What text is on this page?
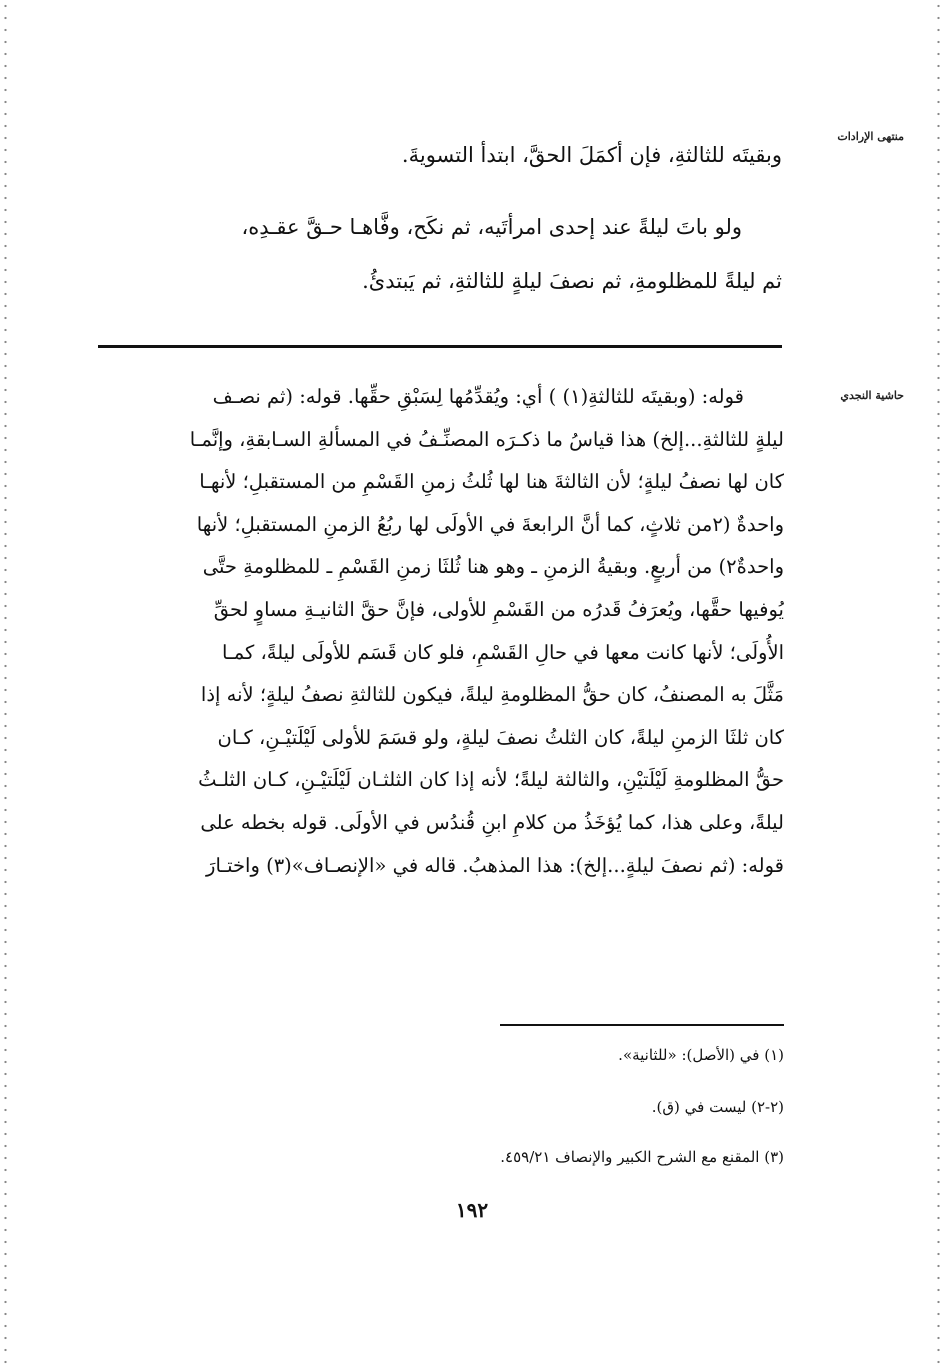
منتهى الإرادات
حاشية النجدي

وبقيتَه للثالثةِ، فإن أكمَلَ الحقَّ، ابتدأ التسويةَ.

ولو باتَ ليلةً عند إحدى امرأتَيه، ثم نكَح، وفَّاهـا حـقَّ عقـدِه،

ثم ليلةً للمظلومةِ، ثم نصفَ ليلةٍ للثالثةِ، ثم يَبتدئُ.

قوله: (وبقيتَه للثالثةِ(١) ) أي: ويُقدِّمُها لِسَبْقِ حقِّها. قوله: (ثم نصـف
ليلةٍ للثالثةِ...إلخ) هذا قياسُ ما ذكـرَه المصنِّـفُ في المسألةِ السـابقةِ، وإنَّمـا
كان لها نصفُ ليلةٍ؛ لأن الثالثةَ هنا لها ثُلثُ زمنِ القَسْمِ من المستقبلِ؛ لأنهـا
واحدةٌ (٢من ثلاثٍ، كما أنَّ الرابعةَ في الأولَى لها ربُعُ الزمنِ المستقبلِ؛ لأنها
واحدةٌ٢) من أربعٍ. وبقيةُ الزمنِ ـ وهو هنا ثُلثَا زمنِ القَسْمِ ـ للمظلومةِ حتَّى
يُوفيها حقَّها، ويُعرَفُ قَدرُه من القَسْمِ للأولى، فإنَّ حقَّ الثانيـةِ مساوٍ لحقِّ
الأُولَى؛ لأنها كانت معها في حالِ القَسْمِ، فلو كان قَسَم للأولَى ليلةً، كمـا
مَثَّلَ به المصنفُ، كان حقُّ المظلومةِ ليلةً، فيكون للثالثةِ نصفُ ليلةٍ؛ لأنه إذا
كان ثلثَا الزمنِ ليلةً، كان الثلثُ نصفَ ليلةٍ، ولو قسَمَ للأولى لَيْلَتيْـنِ، كـان
حقُّ المظلومةِ لَيْلَتيْنِ، والثالثة ليلةً؛ لأنه إذا كان الثلثـان لَيْلَتيْـنِ، كـان الثلـثُ
ليلةً، وعلى هذا، كما يُؤخَذُ من كلامِ ابنِ قُندُس في الأولَى. قوله بخطه على
قوله: (ثم نصفَ ليلةٍ...إلخ): هذا المذهبُ. قاله في «الإنصـاف»(٣) واختـارَ
(١) في (الأصل): «للثانية».
(٢-٢) ليست في (ق).
(٣) المقنع مع الشرح الكبير والإنصاف ٤٥٩/٢١.
١٩٢
